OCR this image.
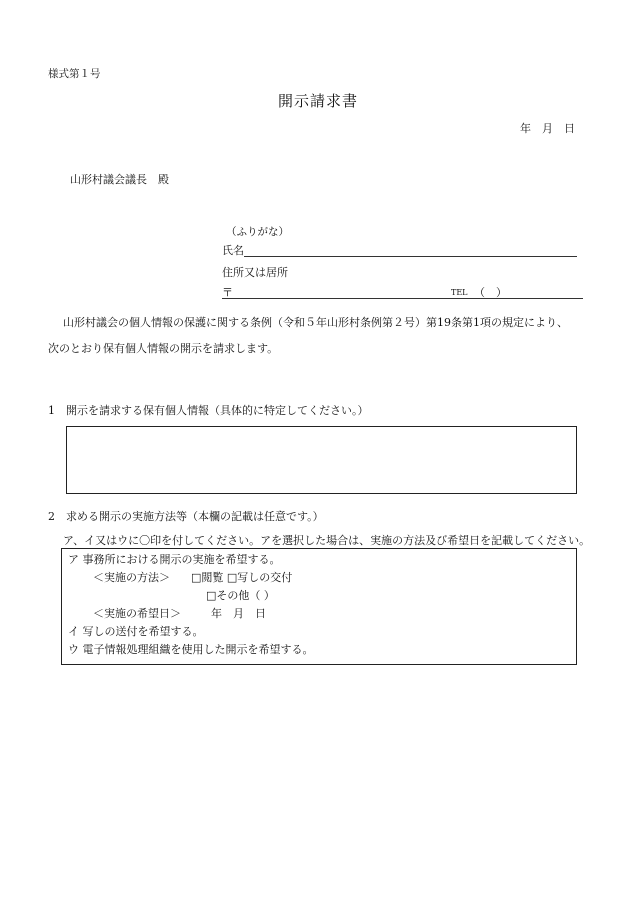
様式第１号
開示請求書
年　月　日
山形村議会議長　殿
（ふりがな）
氏名
住所又は居所
〒	TEL （　）
山形村議会の個人情報の保護に関する条例（令和５年山形村条例第２号）第19条第1項の規定により、
次のとおり保有個人情報の開示を請求します。
1　開示を請求する保有個人情報（具体的に特定してください。）
2　求める開示の実施方法等（本欄の記載は任意です。）
ア、イ又はウに〇印を付してください。アを選択した場合は、実施の方法及び希望日を記載してください。
ア 事務所における開示の実施を希望する。
＜実施の方法＞ □閲覧 □写しの交付
□その他（ ）
＜実施の希望日＞	年　月　日
イ 写しの送付を希望する。
ウ 電子情報処理組織を使用した開示を希望する。
